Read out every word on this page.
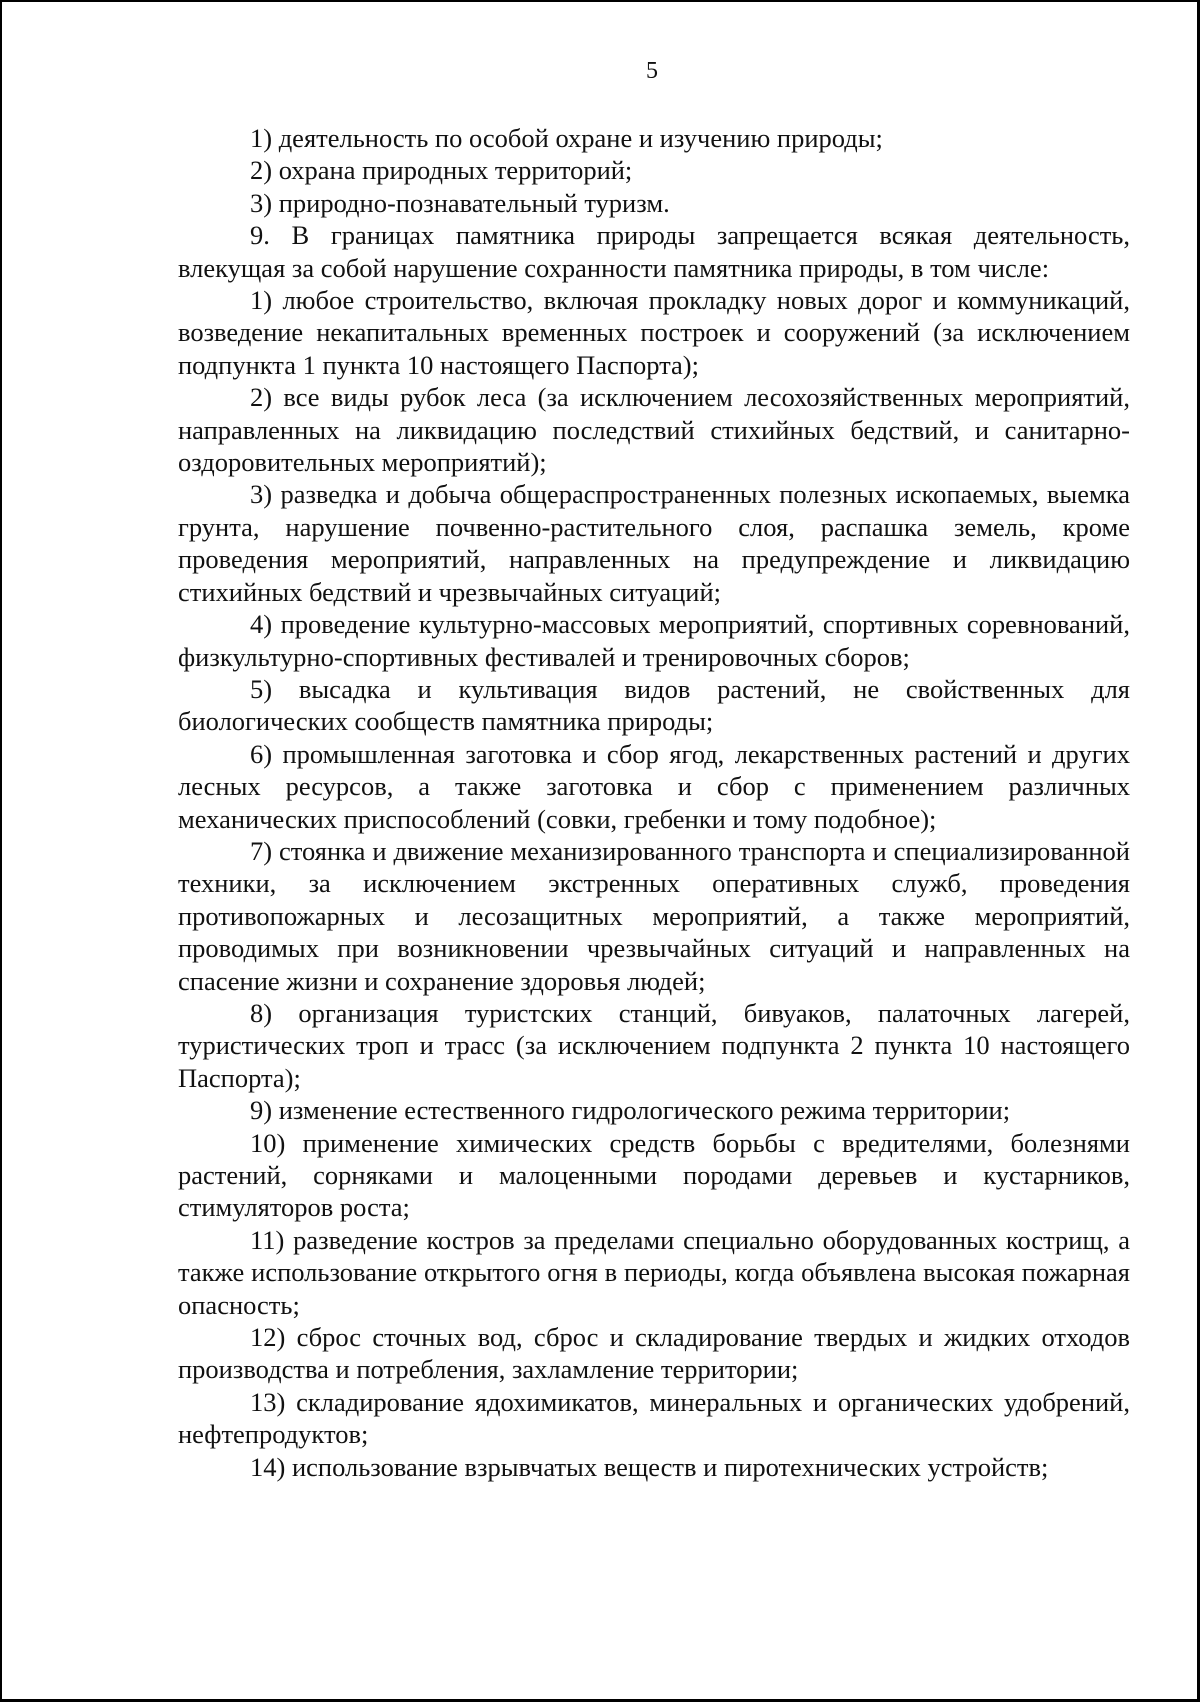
5

1) деятельность по особой охране и изучению природы;

2) охрана природных территорий;

3) природно-познавательный туризм.

9. В границах памятника природы запрещается всякая деятельность, влекущая за собой нарушение сохранности памятника природы, в том числе:

1) любое строительство, включая прокладку новых дорог и коммуникаций, возведение некапитальных временных построек и сооружений (за исключением подпункта 1 пункта 10 настоящего Паспорта);

2) все виды рубок леса (за исключением лесохозяйственных мероприятий, направленных на ликвидацию последствий стихийных бедствий, и санитарно-оздоровительных мероприятий);

3) разведка и добыча общераспространенных полезных ископаемых, выемка грунта, нарушение почвенно-растительного слоя, распашка земель, кроме проведения мероприятий, направленных на предупреждение и ликвидацию стихийных бедствий и чрезвычайных ситуаций;

4) проведение культурно-массовых мероприятий, спортивных соревнований, физкультурно-спортивных фестивалей и тренировочных сборов;

5) высадка и культивация видов растений, не свойственных для биологических сообществ памятника природы;

6) промышленная заготовка и сбор ягод, лекарственных растений и других лесных ресурсов, а также заготовка и сбор с применением различных механических приспособлений (совки, гребенки и тому подобное);

7) стоянка и движение механизированного транспорта и специализированной техники, за исключением экстренных оперативных служб, проведения противопожарных и лесозащитных мероприятий, а также мероприятий, проводимых при возникновении чрезвычайных ситуаций и направленных на спасение жизни и сохранение здоровья людей;

8) организация туристских станций, бивуаков, палаточных лагерей, туристических троп и трасс (за исключением подпункта 2 пункта 10 настоящего Паспорта);

9) изменение естественного гидрологического режима территории;

10) применение химических средств борьбы с вредителями, болезнями растений, сорняками и малоценными породами деревьев и кустарников, стимуляторов роста;

11) разведение костров за пределами специально оборудованных кострищ, а также использование открытого огня в периоды, когда объявлена высокая пожарная опасность;

12) сброс сточных вод, сброс и складирование твердых и жидких отходов производства и потребления, захламление территории;

13) складирование ядохимикатов, минеральных и органических удобрений, нефтепродуктов;

14) использование взрывчатых веществ и пиротехнических устройств;
